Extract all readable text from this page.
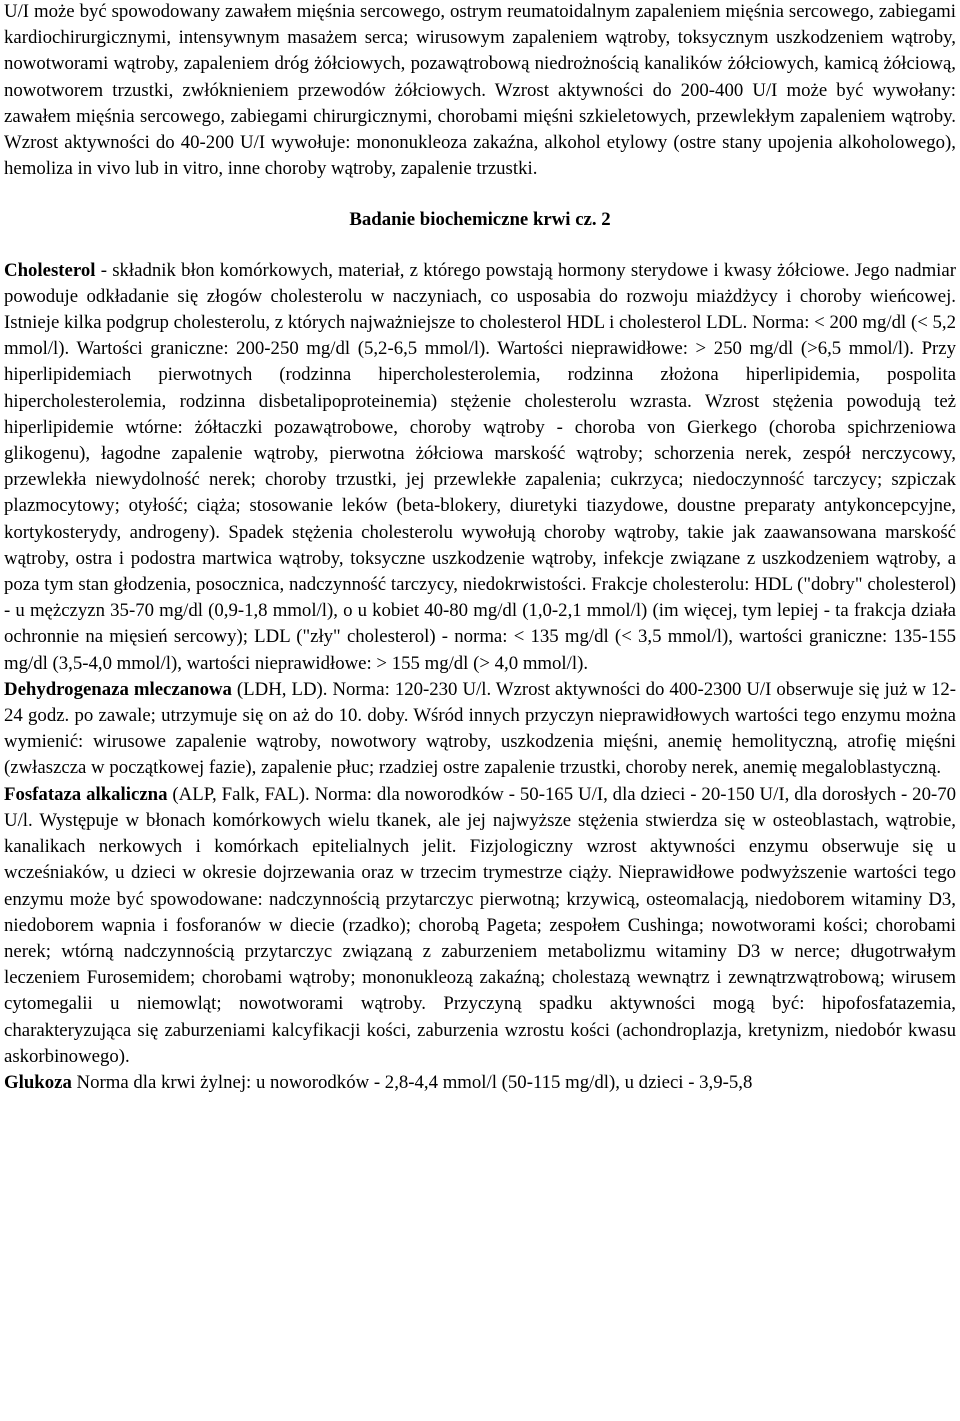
U/I może być spowodowany zawałem mięśnia sercowego, ostrym reumatoidalnym zapaleniem mięśnia sercowego, zabiegami kardiochirurgicznymi, intensywnym masażem serca; wirusowym zapaleniem wątroby, toksycznym uszkodzeniem wątroby, nowotworami wątroby, zapaleniem dróg żółciowych, pozawątrobową niedrożnością kanalików żółciowych, kamicą żółciową, nowotworem trzustki, zwłóknieniem przewodów żółciowych. Wzrost aktywności do 200-400 U/I może być wywołany: zawałem mięśnia sercowego, zabiegami chirurgicznymi, chorobami mięśni szkieletowych, przewlekłym zapaleniem wątroby. Wzrost aktywności do 40-200 U/I wywołuje: mononukleoza zakaźna, alkohol etylowy (ostre stany upojenia alkoholowego), hemoliza in vivo lub in vitro, inne choroby wątroby, zapalenie trzustki.

Badanie biochemiczne krwi cz. 2

Cholesterol - składnik błon komórkowych, materiał, z którego powstają hormony sterydowe i kwasy żółciowe. Jego nadmiar powoduje odkładanie się złogów cholesterolu w naczyniach, co usposabia do rozwoju miażdżycy i choroby wieńcowej. Istnieje kilka podgrup cholesterolu, z których najważniejsze to cholesterol HDL i cholesterol LDL. Norma: < 200 mg/dl (< 5,2 mmol/l). Wartości graniczne: 200-250 mg/dl (5,2-6,5 mmol/l). Wartości nieprawidłowe: > 250 mg/dl (>6,5 mmol/l). Przy hiperlipidemiach pierwotnych (rodzinna hipercholesterolemia, rodzinna złożona hiperlipidemia, pospolita hipercholesterolemia, rodzinna disbetalipoproteinemia) stężenie cholesterolu wzrasta. Wzrost stężenia powodują też hiperlipidemie wtórne: żółtaczki pozawątrobowe, choroby wątroby - choroba von Gierkego (choroba spichrzeniowa glikogenu), łagodne zapalenie wątroby, pierwotna żółciowa marskość wątroby; schorzenia nerek, zespół nerczycowy, przewlekła niewydolność nerek; choroby trzustki, jej przewlekłe zapalenia; cukrzyca; niedoczynność tarczycy; szpiczak plazmocytowy; otyłość; ciąża; stosowanie leków (beta-blokery, diuretyki tiazydowe, doustne preparaty antykoncepcyjne, kortykosterydy, androgeny). Spadek stężenia cholesterolu wywołują choroby wątroby, takie jak zaawansowana marskość wątroby, ostra i podostra martwica wątroby, toksyczne uszkodzenie wątroby, infekcje związane z uszkodzeniem wątroby, a poza tym stan głodzenia, posocznica, nadczynność tarczycy, niedokrwistości. Frakcje cholesterolu: HDL ("dobry" cholesterol) - u mężczyzn 35-70 mg/dl (0,9-1,8 mmol/l), o u kobiet 40-80 mg/dl (1,0-2,1 mmol/l) (im więcej, tym lepiej - ta frakcja działa ochronnie na mięsień sercowy); LDL ("zły" cholesterol) - norma: < 135 mg/dl (< 3,5 mmol/l), wartości graniczne: 135-155 mg/dl (3,5-4,0 mmol/l), wartości nieprawidłowe: > 155 mg/dl (> 4,0 mmol/l).

Dehydrogenaza mleczanowa (LDH, LD). Norma: 120-230 U/l. Wzrost aktywności do 400-2300 U/I obserwuje się już w 12-24 godz. po zawale; utrzymuje się on aż do 10. doby. Wśród innych przyczyn nieprawidłowych wartości tego enzymu można wymienić: wirusowe zapalenie wątroby, nowotwory wątroby, uszkodzenia mięśni, anemię hemolityczną, atrofię mięśni (zwłaszcza w początkowej fazie), zapalenie płuc; rzadziej ostre zapalenie trzustki, choroby nerek, anemię megaloblastyczną.

Fosfataza alkaliczna (ALP, Falk, FAL). Norma: dla noworodków - 50-165 U/I, dla dzieci - 20-150 U/I, dla dorosłych - 20-70 U/l. Występuje w błonach komórkowych wielu tkanek, ale jej najwyższe stężenia stwierdza się w osteoblastach, wątrobie, kanalikach nerkowych i komórkach epitelialnych jelit. Fizjologiczny wzrost aktywności enzymu obserwuje się u wcześniaków, u dzieci w okresie dojrzewania oraz w trzecim trymestrze ciąży. Nieprawidłowe podwyższenie wartości tego enzymu może być spowodowane: nadczynnością przytarczyc pierwotną; krzywicą, osteomalacją, niedoborem witaminy D3, niedoborem wapnia i fosforanów w diecie (rzadko); chorobą Pageta; zespołem Cushinga; nowotworami kości; chorobami nerek; wtórną nadczynnością przytarczyc związaną z zaburzeniem metabolizmu witaminy D3 w nerce; długotrwałym leczeniem Furosemidem; chorobami wątroby; mononukleozą zakaźną; cholestazą wewnątrz i zewnątrzwątrobową; wirusem cytomegalii u niemowląt; nowotworami wątroby. Przyczyną spadku aktywności mogą być: hipofosfatazemia, charakteryzująca się zaburzeniami kalcyfikacji kości, zaburzenia wzrostu kości (achondroplazja, kretynizm, niedobór kwasu askorbinowego).

Glukoza Norma dla krwi żylnej: u noworodków - 2,8-4,4 mmol/l (50-115 mg/dl), u dzieci - 3,9-5,8
